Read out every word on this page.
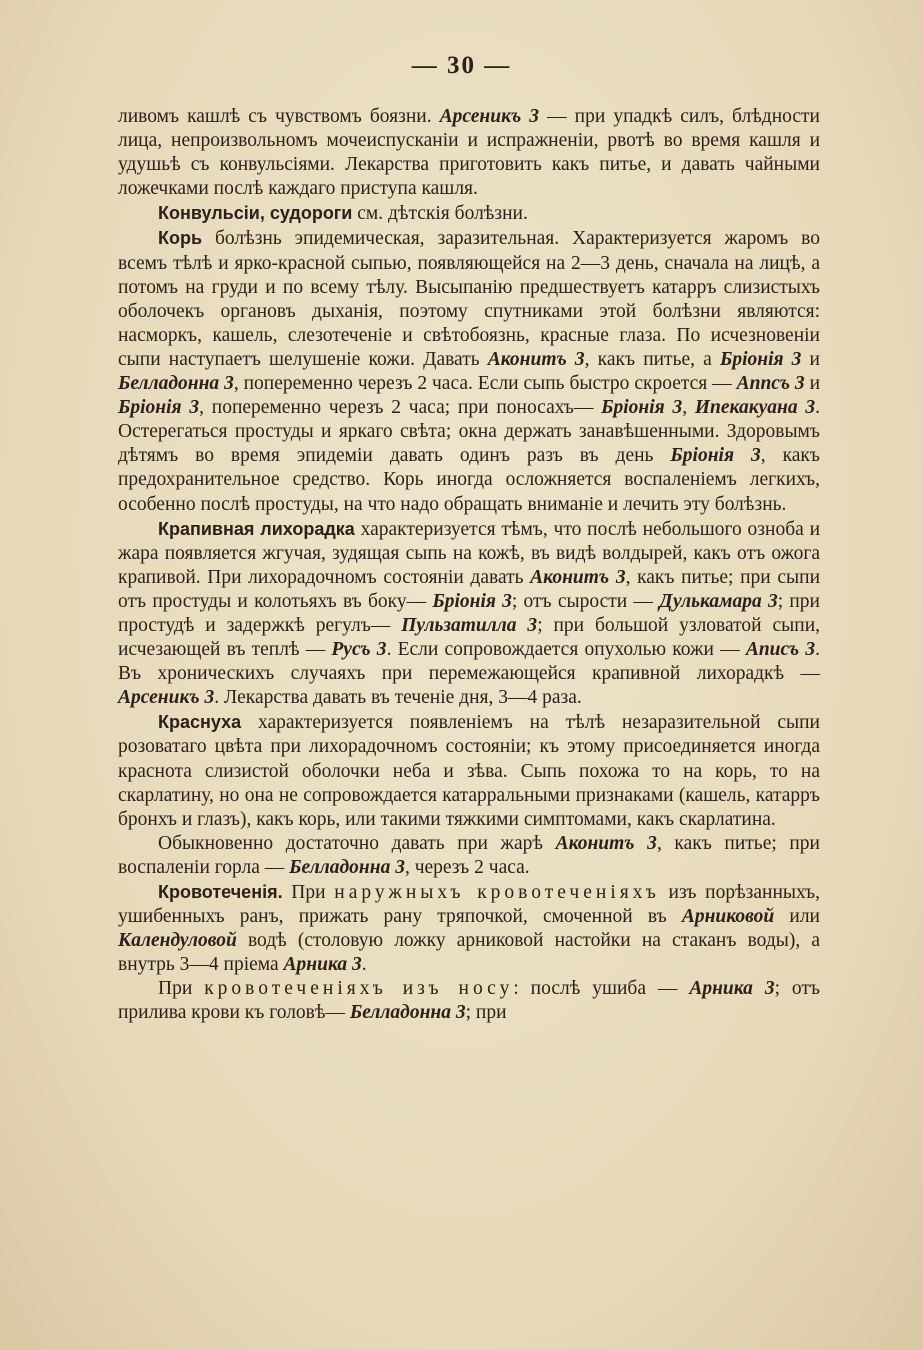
— 30 —

ливомъ кашлѣ съ чувствомъ боязни. Арсеникъ 3 — при упадкѣ силъ, блѣдности лица, непроизвольномъ мочеиспусканіи и испражненіи, рвотѣ во время кашля и удушьѣ съ конвульсіями. Лекарства приготовить какъ питье, и давать чайными ложечками послѣ каждаго приступа кашля.

Конвульсіи, судороги см. дѣтскія болѣзни.

Корь болѣзнь эпидемическая, заразительная. Характеризуется жаромъ во всемъ тѣлѣ и ярко-красной сыпью, появляющейся на 2—3 день, сначала на лицѣ, а потомъ на груди и по всему тѣлу. Высыпанію предшествуетъ катарръ слизистыхъ оболочекъ органовъ дыханія, поэтому спутниками этой болѣзни являются: насморкъ, кашель, слезотеченіе и свѣтобоязнь, красные глаза. По исчезновеніи сыпи наступаетъ шелушеніе кожи. Давать Аконитъ 3, какъ питье, а Бріонія 3 и Белладонна 3, попеременно черезъ 2 часа. Если сыпь быстро скроется — Annсъ 3 и Бріонія 3, попеременно черезъ 2 часа; при поносахъ— Бріонія 3, Ипекакуана 3. Остерегаться простуды и яркаго свѣта; окна держать занавѣшенными. Здоровымъ дѣтямъ во время эпидеміи давать одинъ разъ въ день Бріонія 3, какъ предохранительное средство. Корь иногда осложняется воспаленіемъ легкихъ, особенно послѣ простуды, на что надо обращать вниманіе и лечить эту болѣзнь.

Крапивная лихорадка характеризуется тѣмъ, что послѣ небольшого озноба и жара появляется жгучая, зудящая сыпь на кожѣ, въ видѣ волдырей, какъ отъ ожога крапивой. При лихорадочномъ состояніи давать Аконитъ 3, какъ питье; при сыпи отъ простуды и колотьяхъ въ боку— Бріонія 3; отъ сырости — Дулькамара 3; при простудѣ и задержкѣ регулъ— Пульзатилла 3; при большой узловатой сыпи, исчезающей въ теплѣ — Русъ 3. Если сопровождается опухолью кожи — Аписъ 3. Въ хроническихъ случаяхъ при перемежающейся крапивной лихорадкѣ — Арсеникъ 3. Лекарства давать въ теченіе дня, 3—4 раза.

Краснуха характеризуется появленіемъ на тѣлѣ незаразительной сыпи розоватаго цвѣта при лихорадочномъ состояніи; къ этому присоединяется иногда краснота слизистой оболочки неба и зѣва. Сыпь похожа то на корь, то на скарлатину, но она не сопровождается катарральными признаками (кашель, катарръ бронхъ и глазъ), какъ корь, или такими тяжкими симптомами, какъ скарлатина.

Обыкновенно достаточно давать при жарѣ Аконитъ 3, какъ питье; при воспаленіи горла — Белладонна 3, черезъ 2 часа.

Кровотеченія. При наружныхъ кровотеченіяхъ изъ порѣзанныхъ, ушибенныхъ ранъ, прижать рану тряпочкой, смоченной въ Арниковой или Календуловой водѣ (столовую ложку арниковой настойки на стаканъ воды), а внутрь 3—4 пріема Арника 3.

При кровотеченіяхъ изъ носу: послѣ ушиба — Арника 3; отъ прилива крови къ головѣ— Белладонна 3; при
